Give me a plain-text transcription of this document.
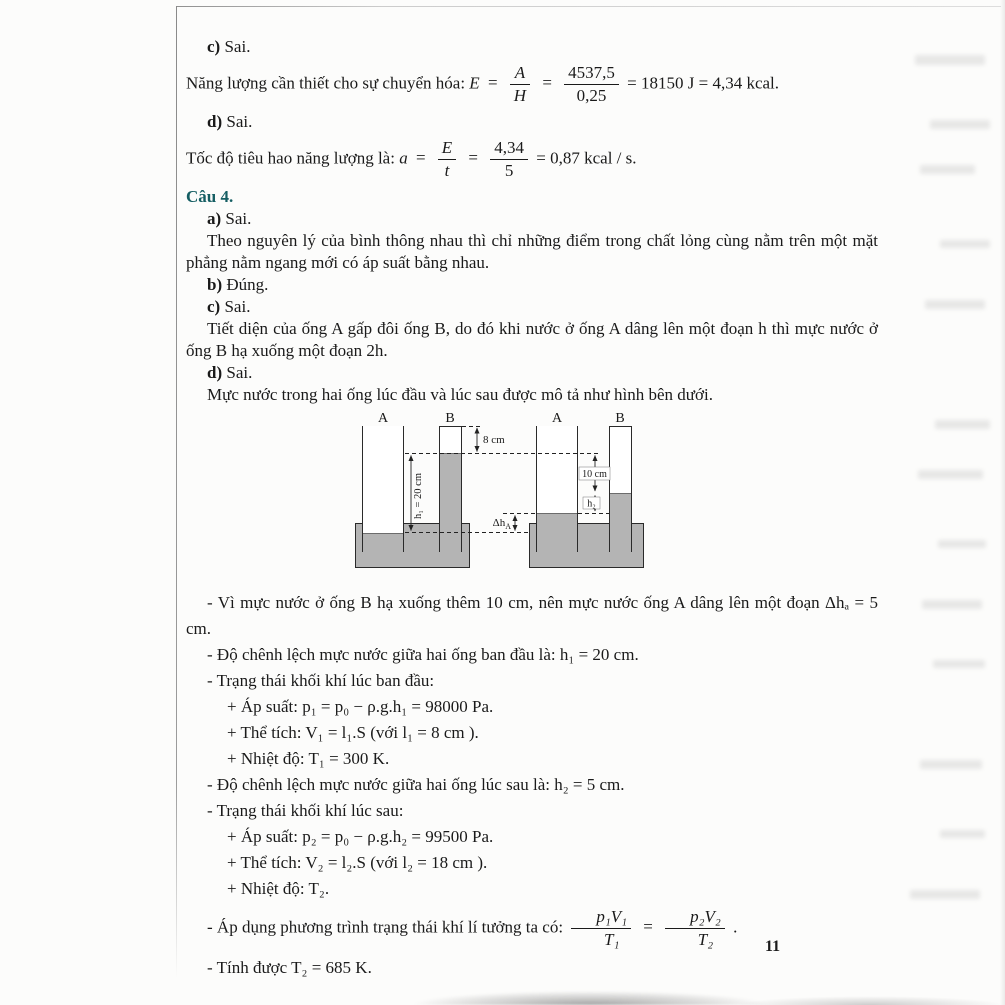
c) Sai.

Năng lượng cần thiết cho sự chuyển hóa: $E = \frac{A}{H} = \frac{4537,5}{0,25} = 18150$ J = 4,34 kcal.

d) Sai.

Tốc độ tiêu hao năng lượng là: $a = \frac{E}{t} = \frac{4,34}{5} = 0,87$ kcal / s.

Câu 4.

a) Sai.

Theo nguyên lý của bình thông nhau thì chỉ những điểm trong chất lỏng cùng nằm trên một mặt phẳng nằm ngang mới có áp suất bằng nhau.

b) Đúng.

c) Sai.

Tiết diện của ống A gấp đôi ống B, do đó khi nước ở ống A dâng lên một đoạn h thì mực nước ở ống B hạ xuống một đoạn 2h.

d) Sai.

Mực nước trong hai ống lúc đầu và lúc sau được mô tả như hình bên dưới.

A	B	A	B
8 cm
h₁ = 20 cm	10 cm
h₂
$\Delta h_A$

- Vì mực nước ở ống B hạ xuống thêm 10 cm, nên mực nước ống A dâng lên một đoạn Δhₐ = 5 cm.

- Độ chênh lệch mực nước giữa hai ống ban đầu là: h₁ = 20 cm.

- Trạng thái khối khí lúc ban đầu:

+ Áp suất: p₁ = p₀ − ρ.g.h₁ = 98000 Pa.

+ Thể tích: V₁ = l₁.S (với l₁ = 8 cm ).

+ Nhiệt độ: T₁ = 300 K.

- Độ chênh lệch mực nước giữa hai ống lúc sau là: h₂ = 5 cm.

- Trạng thái khối khí lúc sau:

+ Áp suất: p₂ = p₀ − ρ.g.h₂ = 99500 Pa.

+ Thể tích: V₂ = l₂.S (với l₂ = 18 cm ).

+ Nhiệt độ: T₂.

- Áp dụng phương trình trạng thái khí lí tưởng ta có: $\frac{\text{p₁V₁}}{\text{T₁}} = \frac{\text{p₂V₂}}{\text{T₂}}$ .

- Tính được T₂ = 685 K.

11
